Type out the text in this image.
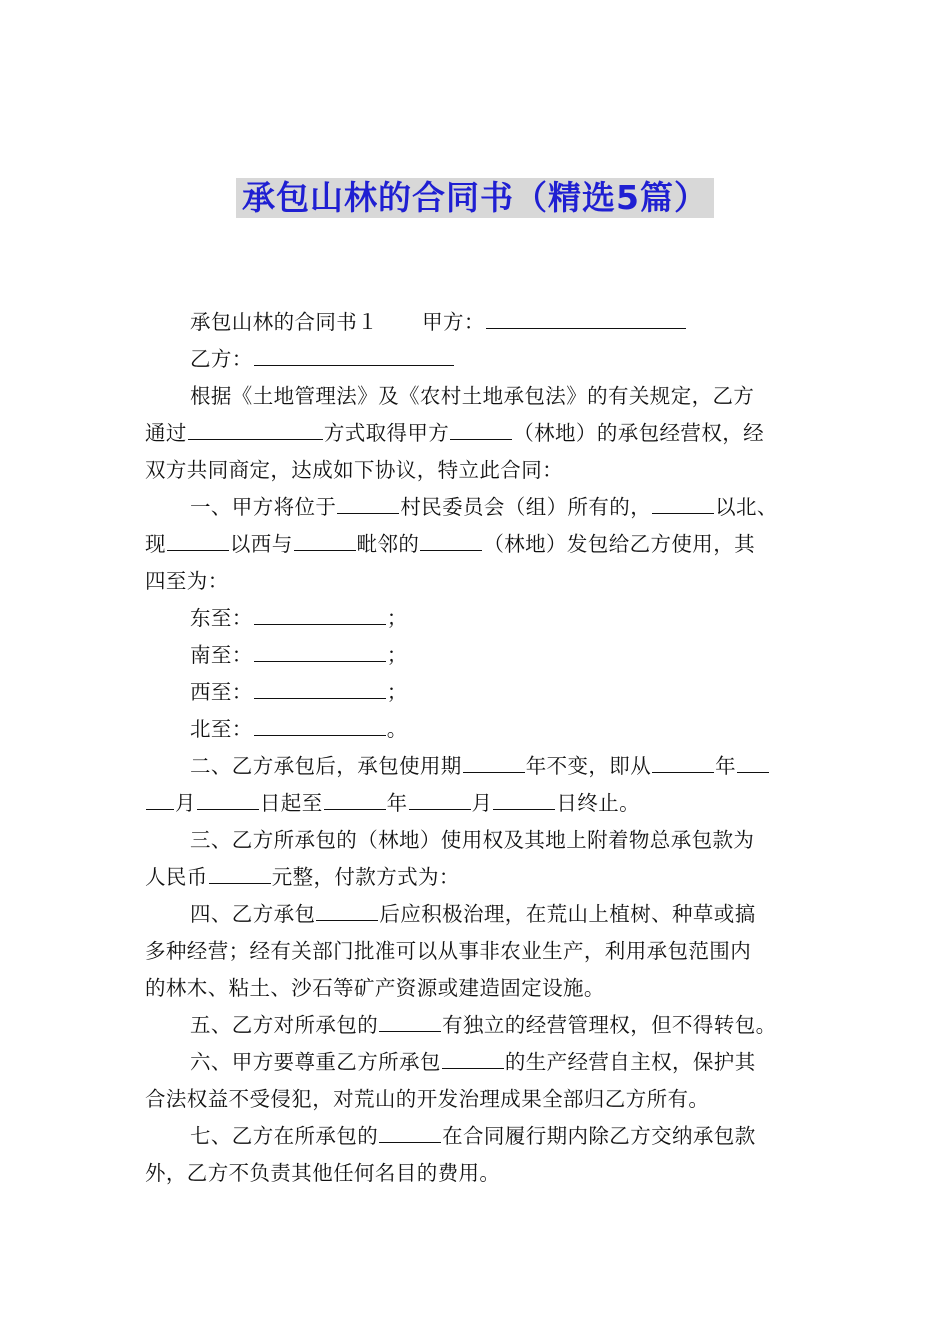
承包山林的合同书（精选5篇）
承包山林的合同书１ 甲方：
乙方：
根据《土地管理法》及《农村土地承包法》的有关规定，乙方
通过	方式取得甲方	（林地）的承包经营权，经
双方共同商定，达成如下协议，特立此合同：
一、甲方将位于	村民委员会（组）所有的，	以北、
现	以西与	毗邻的	（林地）发包给乙方使用，其
四至为：
东至：	；
南至：	；
西至：	；
北至：	。
二、乙方承包后，承包使用期	年不变，即从	年
月	日起至	年	月	日终止。
三、乙方所承包的（林地）使用权及其地上附着物总承包款为
人民币	元整，付款方式为：
四、乙方承包	后应积极治理，在荒山上植树、种草或搞
多种经营；经有关部门批准可以从事非农业生产，利用承包范围内
的林木、粘土、沙石等矿产资源或建造固定设施。
五、乙方对所承包的	有独立的经营管理权，但不得转包。
六、甲方要尊重乙方所承包	的生产经营自主权，保护其
合法权益不受侵犯，对荒山的开发治理成果全部归乙方所有。
七、乙方在所承包的	在合同履行期内除乙方交纳承包款
外，乙方不负责其他任何名目的费用。
